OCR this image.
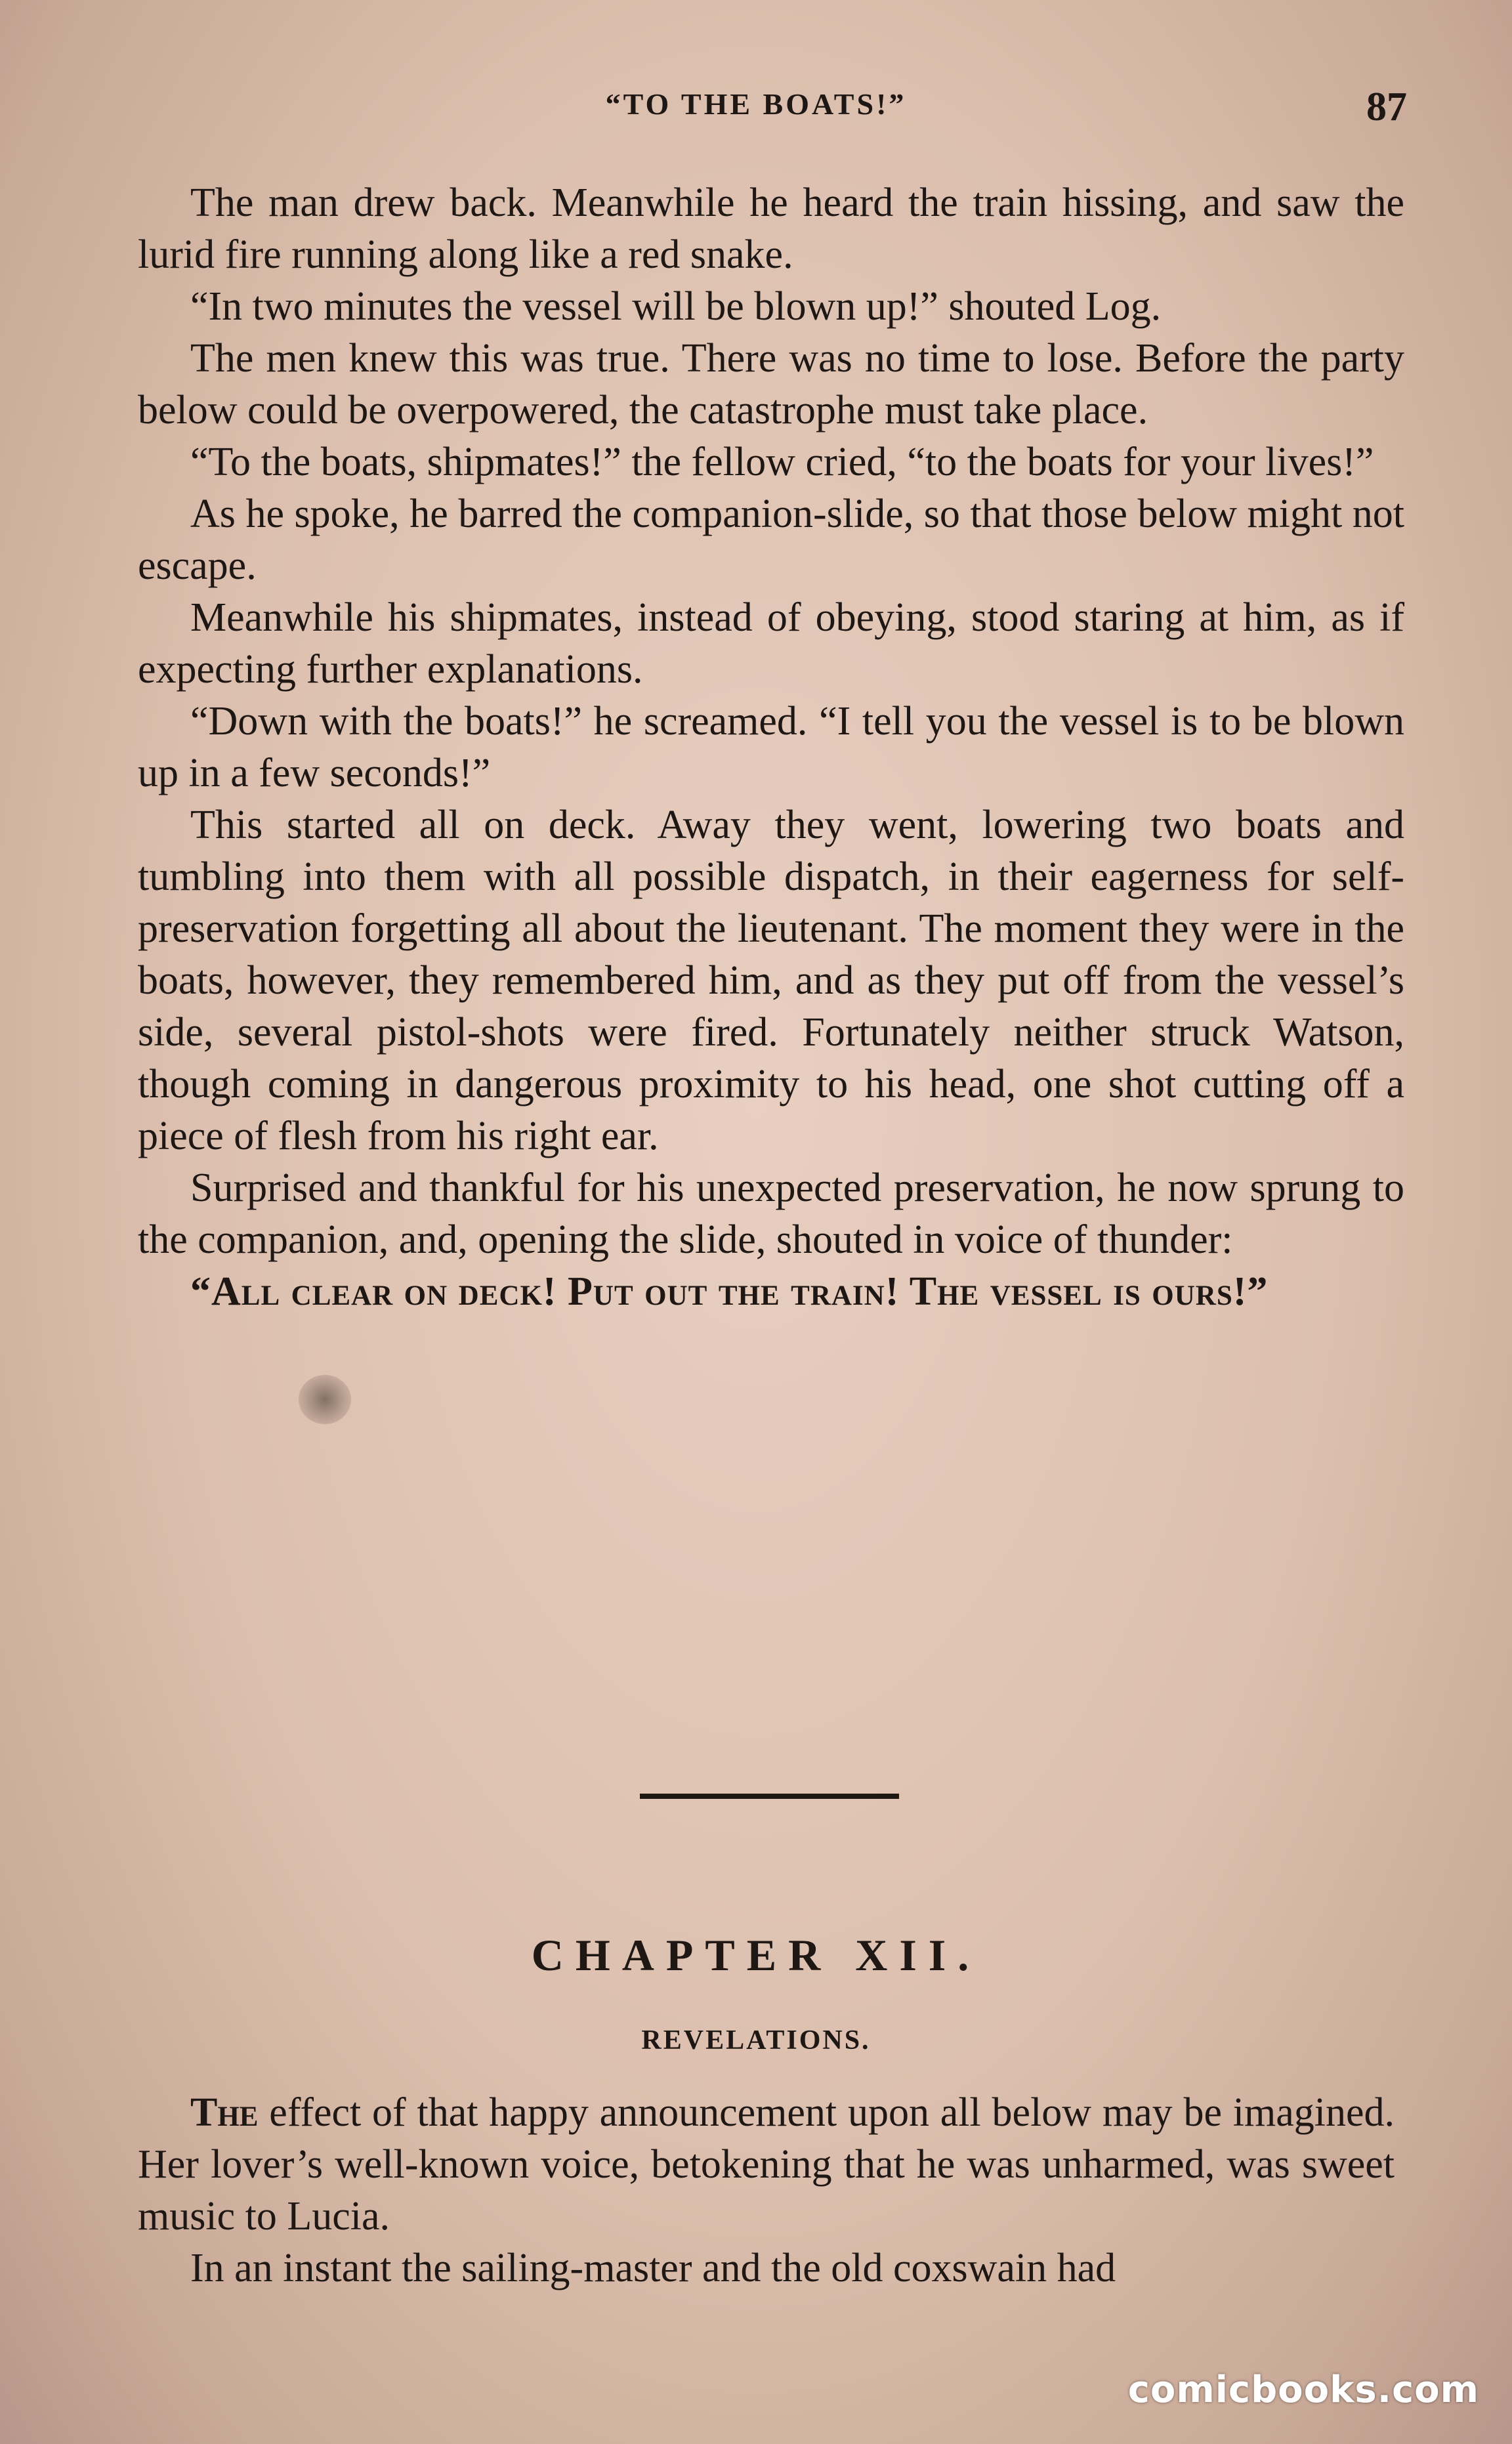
“TO THE BOATS!”	87

The man drew back. Meanwhile he heard the train hissing, and saw the lurid fire running along like a red snake.

“In two minutes the vessel will be blown up!” shouted Log.

The men knew this was true. There was no time to lose. Before the party below could be overpowered, the catastrophe must take place.

“To the boats, shipmates!” the fellow cried, “to the boats for your lives!”

As he spoke, he barred the companion-slide, so that those below might not escape.

Meanwhile his shipmates, instead of obeying, stood staring at him, as if expecting further explanations.

“Down with the boats!” he screamed. “I tell you the vessel is to be blown up in a few seconds!”

This started all on deck. Away they went, lowering two boats and tumbling into them with all possible dispatch, in their eagerness for self-preservation forgetting all about the lieutenant. The moment they were in the boats, however, they remembered him, and as they put off from the vessel’s side, several pistol-shots were fired. Fortunately neither struck Watson, though coming in dangerous proximity to his head, one shot cutting off a piece of flesh from his right ear.

Surprised and thankful for his unexpected preservation, he now sprung to the companion, and, opening the slide, shouted in voice of thunder:

“All clear on deck! Put out the train! The vessel is ours!”

CHAPTER XII.
REVELATIONS.

The effect of that happy announcement upon all below may be imagined. Her lover’s well-known voice, betokening that he was unharmed, was sweet music to Lucia.

In an instant the sailing-master and the old coxswain had

comicbooks.com
